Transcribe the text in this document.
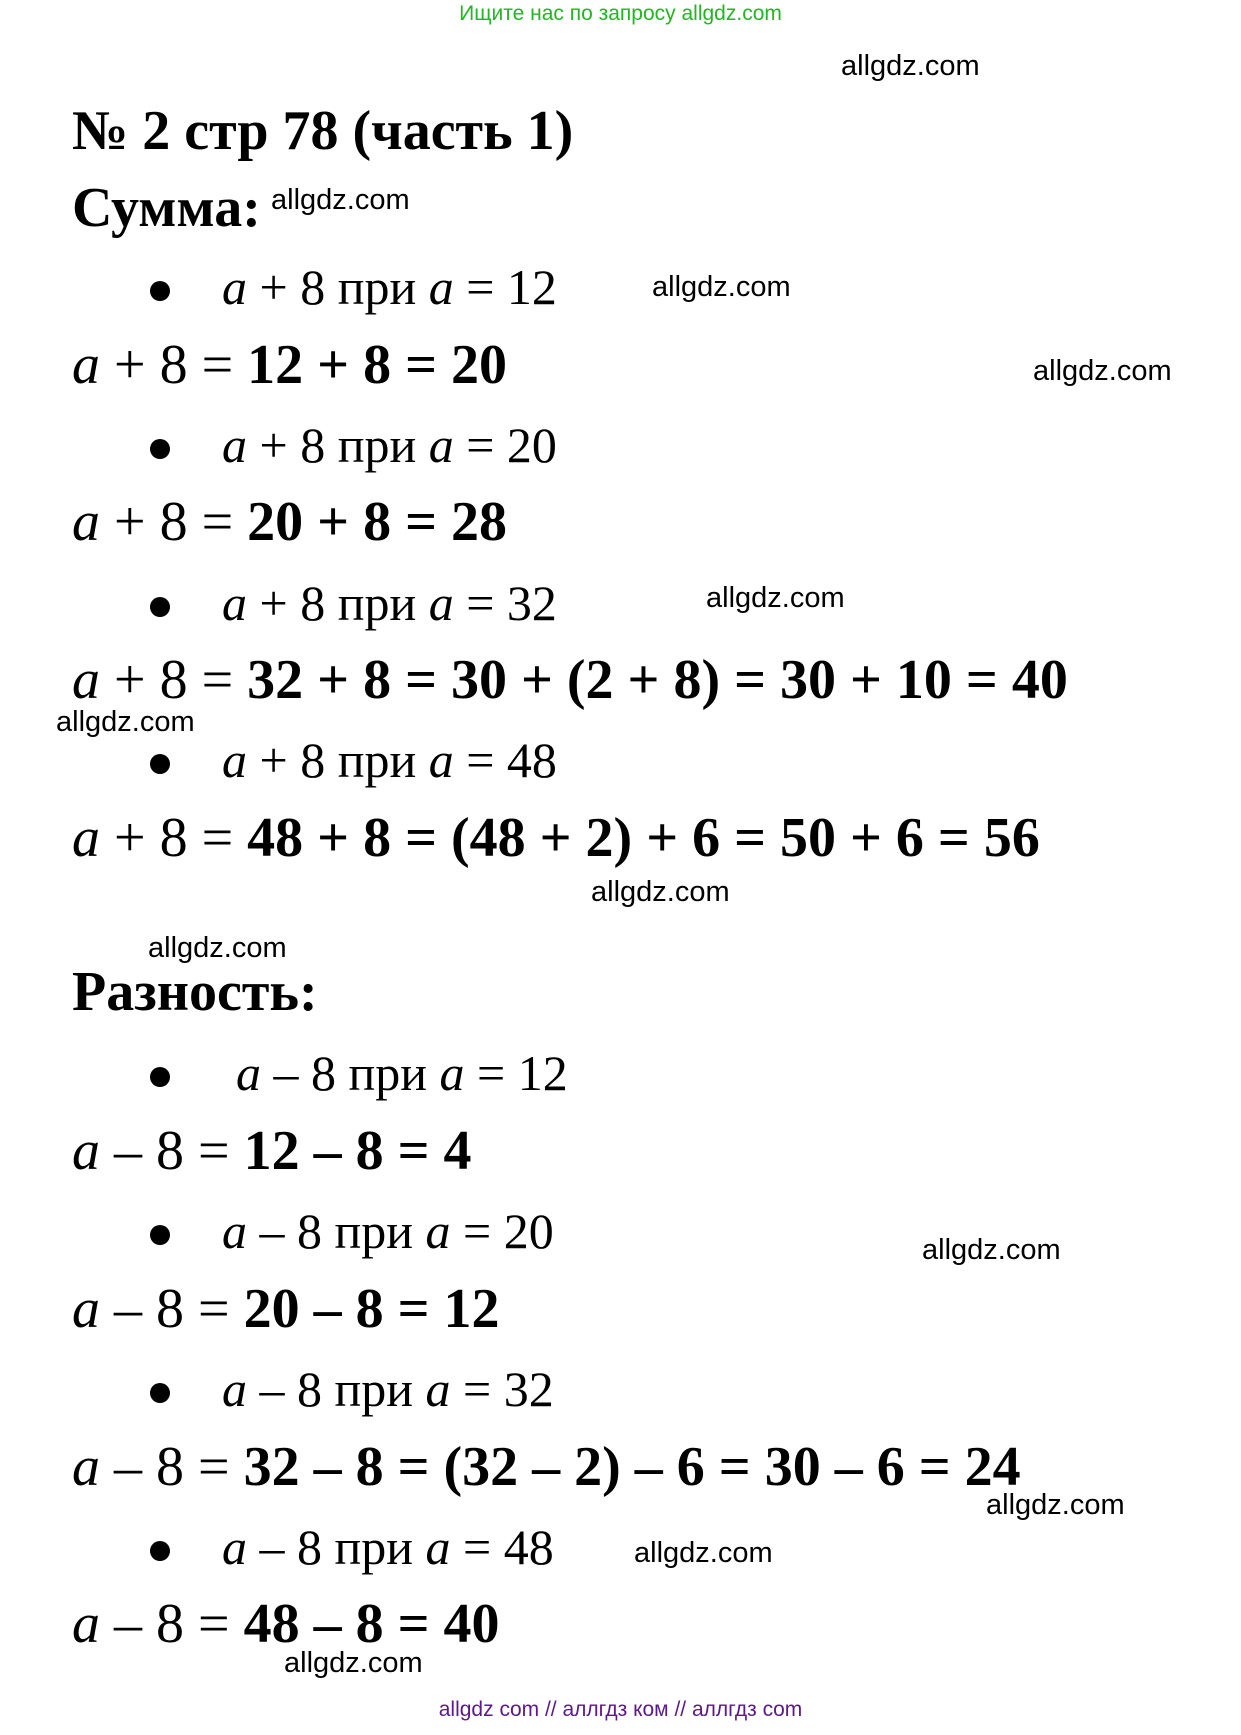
Ищите нас по запросу allgdz.com
allgdz.com
allgdz.com
allgdz.com
allgdz.com
allgdz.com
allgdz.com
allgdz.com
allgdz.com
allgdz.com
allgdz.com
allgdz.com
allgdz.com
№ 2 стр 78 (часть 1)
Сумма:
a + 8 при a = 12
a + 8 = 12 + 8 = 20
a + 8 при a = 20
a + 8 = 20 + 8 = 28
a + 8 при a = 32
a + 8 = 32 + 8 = 30 + (2 + 8) = 30 + 10 = 40
a + 8 при a = 48
a + 8 = 48 + 8 = (48 + 2) + 6 = 50 + 6 = 56
Разность:
a – 8 при a = 12
a – 8 = 12 – 8 = 4
a – 8 при a = 20
a – 8 = 20 – 8 = 12
a – 8 при a = 32
a – 8 = 32 – 8 = (32 – 2) – 6 = 30 – 6 = 24
a – 8 при a = 48
a – 8 = 48 – 8 = 40
allgdz com // аллгдз ком // аллгдз com
